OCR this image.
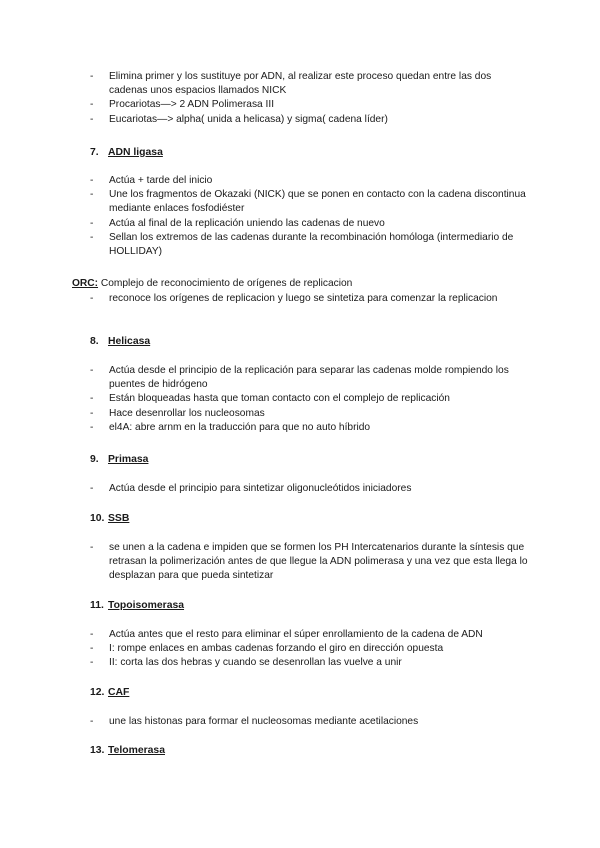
- Elimina primer y los sustituye por ADN, al realizar este proceso quedan entre las dos cadenas unos espacios llamados NICK
- Procariotas—> 2 ADN Polimerasa III
- Eucariotas—> alpha( unida a helicasa) y sigma( cadena líder)
7. ADN ligasa
- Actúa + tarde del inicio
- Une los fragmentos de Okazaki (NICK) que se ponen en contacto con la cadena discontinua mediante enlaces fosfodiéster
- Actúa al final de la replicación uniendo las cadenas de nuevo
- Sellan los extremos de las cadenas durante la recombinación homóloga (intermediario de HOLLIDAY)
ORC: Complejo de reconocimiento de orígenes de replicacion
- reconoce los orígenes de replicacion y luego se sintetiza para comenzar la replicacion
8. Helicasa
- Actúa desde el principio de la replicación para separar las cadenas molde rompiendo los puentes de hidrógeno
- Están bloqueadas hasta que toman contacto con el complejo de replicación
- Hace desenrollar los nucleosomas
- el4A: abre arnm en la traducción para que no auto híbrido
9. Primasa
- Actúa desde el principio para sintetizar oligonucleótidos iniciadores
10. SSB
- se unen a la cadena e impiden que se formen los PH Intercatenarios durante la síntesis que retrasan la polimerización antes de que llegue la ADN polimerasa y una vez que esta llega lo desplazan para que pueda sintetizar
11. Topoisomerasa
- Actúa antes que el resto para eliminar el súper enrollamiento de la cadena de ADN
- I: rompe enlaces en ambas cadenas forzando el giro en dirección opuesta
- II: corta las dos hebras y cuando se desenrollan las vuelve a unir
12. CAF
- une las histonas para formar el nucleosomas mediante acetilaciones
13. Telomerasa
